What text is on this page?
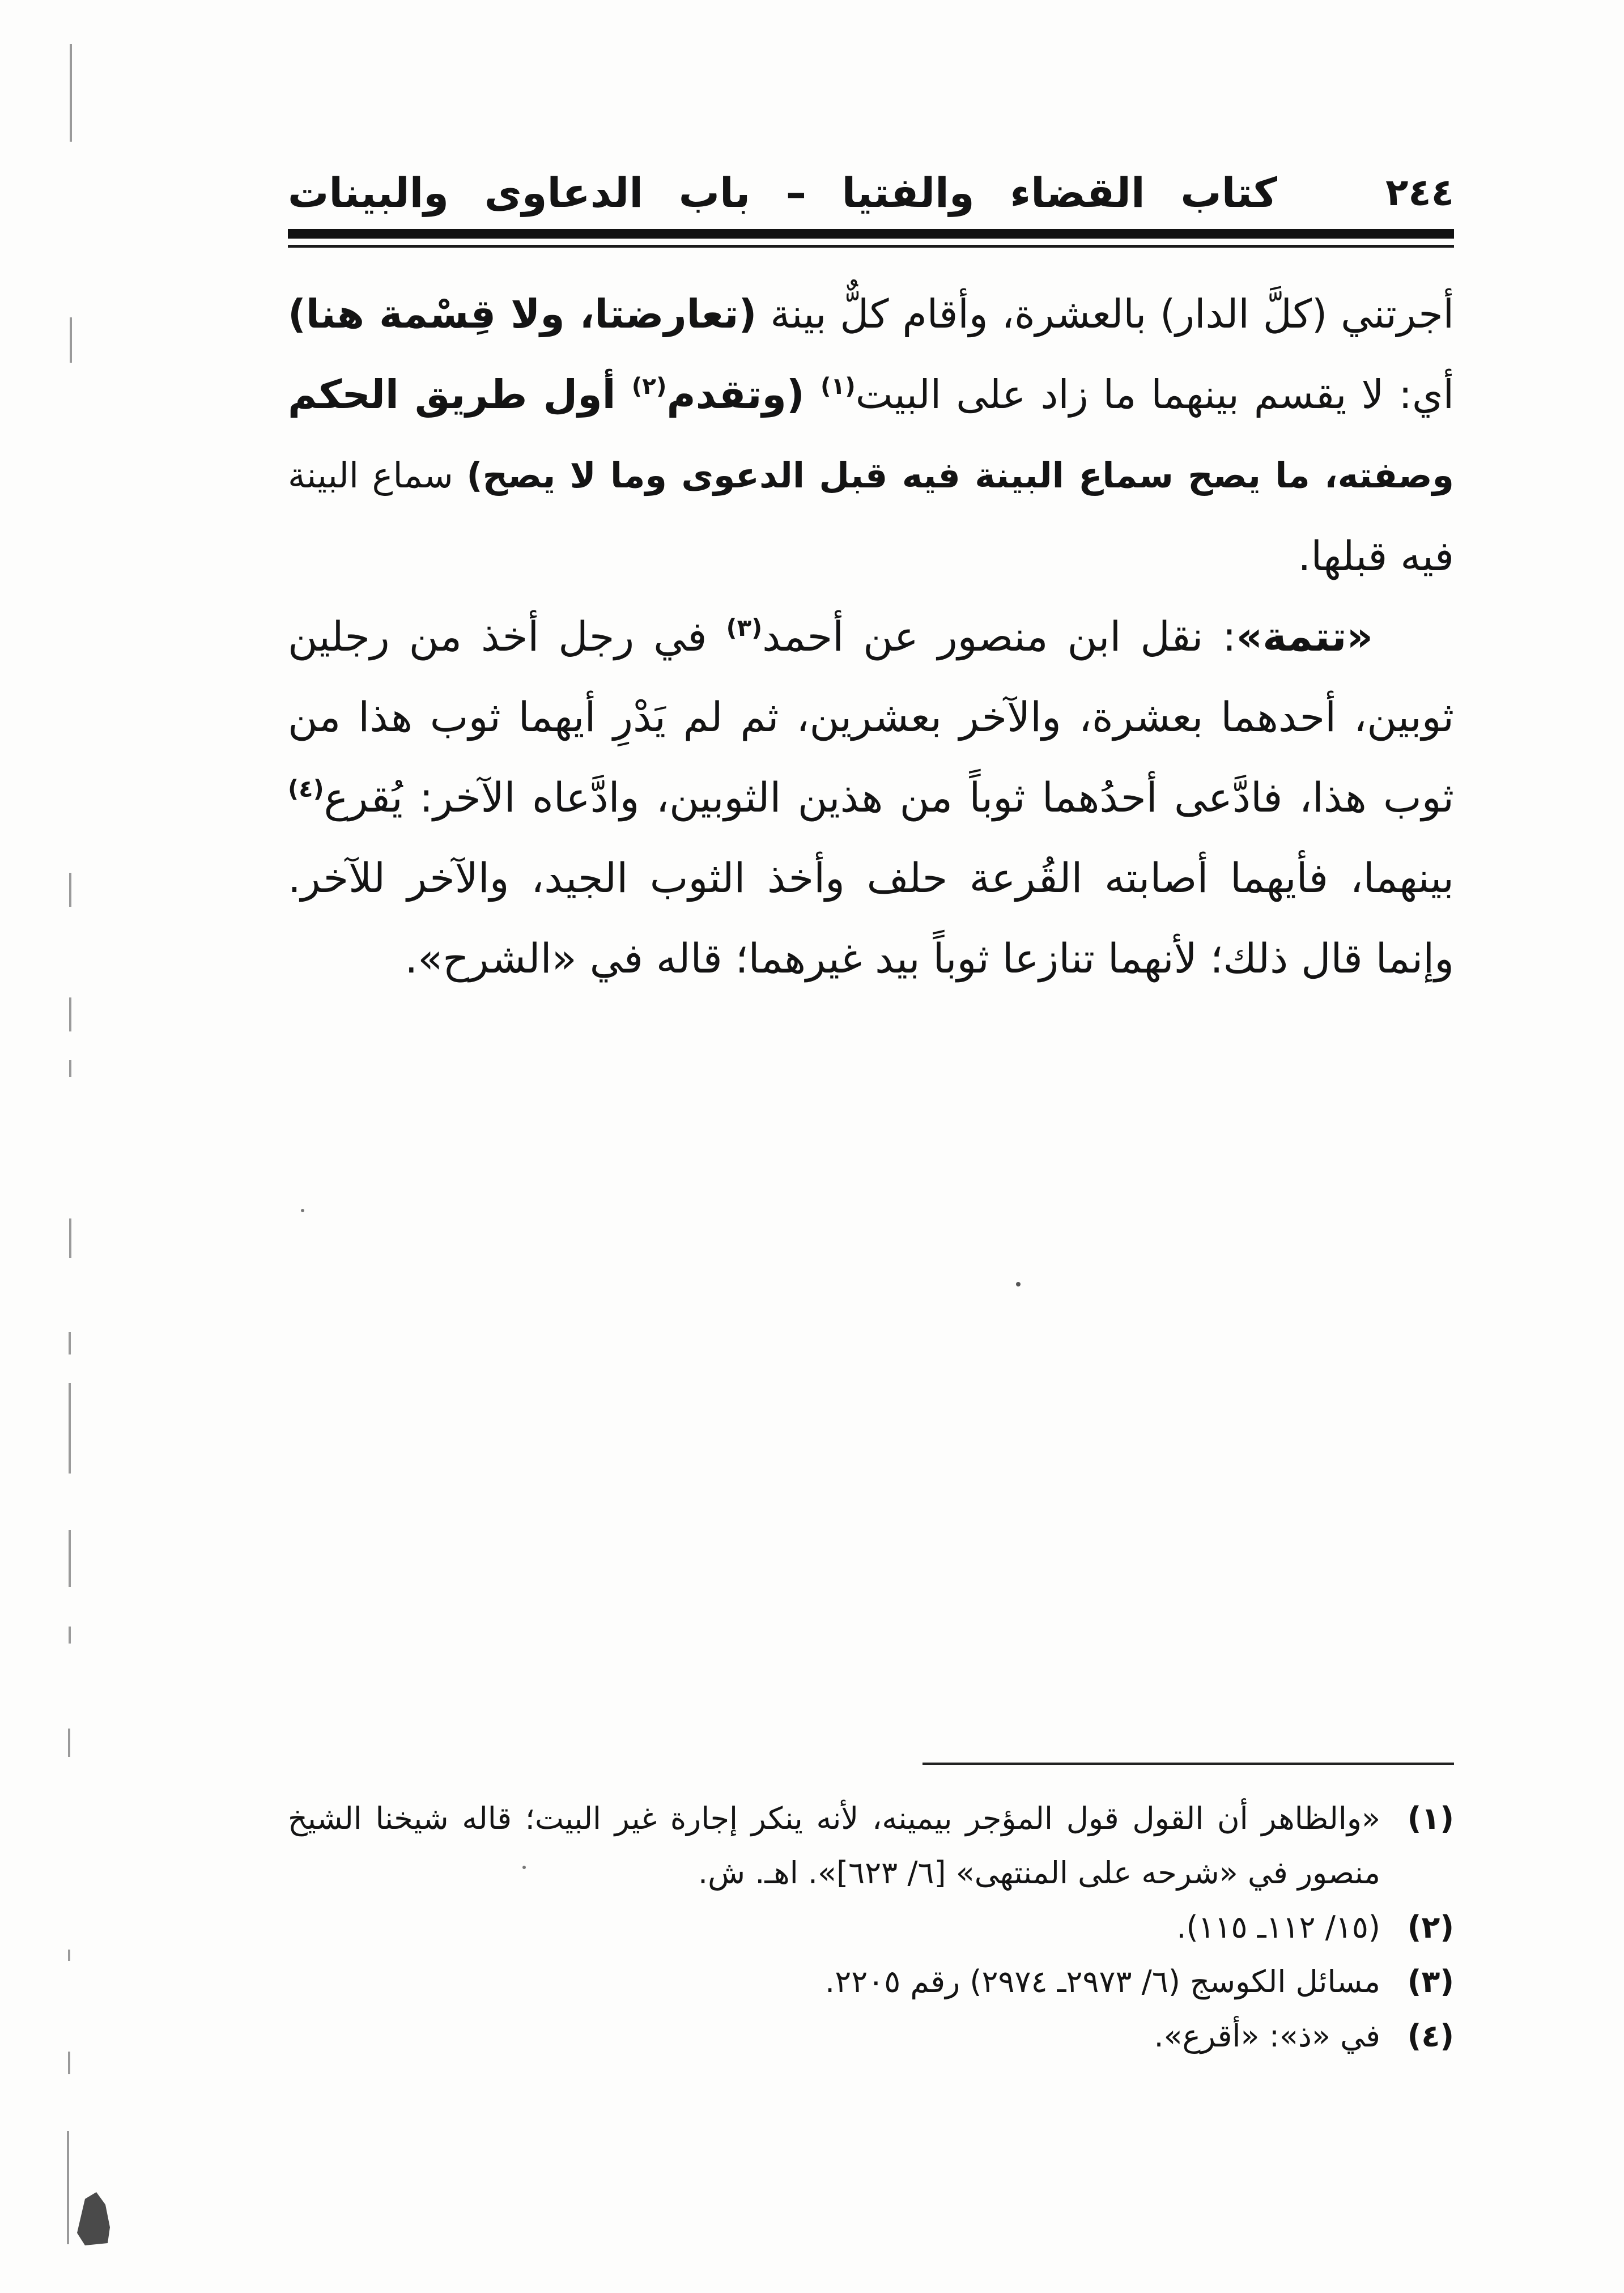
٢٤٤
كتاب القضاء والفتيا – باب الدعاوى والبينات
أجرتني (كلَّ الدار) بالعشرة، وأقام كلٌّ بينة (تعارضتا، ولا قِسْمة هنا)
أي: لا يقسم بينهما ما زاد على البيت$^{(١)}$ (وتقدم$^{(٢)}$ أول طريق الحكم
وصفته، ما يصح سماع البينة فيه قبل الدعوى وما لا يصح) سماع البينة
فيه قبلها.
«تتمة»: نقل ابن منصور عن أحمد$^{(٣)}$ في رجل أخذ من رجلين
ثوبين، أحدهما بعشرة، والآخر بعشرين، ثم لم يَدْرِ أيهما ثوب هذا من
ثوب هذا، فادَّعى أحدُهما ثوباً من هذين الثوبين، وادَّعاه الآخر: يُقرع$^{(٤)}$
بينهما، فأيهما أصابته القُرعة حلف وأخذ الثوب الجيد، والآخر للآخر.
وإنما قال ذلك؛ لأنهما تنازعا ثوباً بيد غيرهما؛ قاله في «الشرح».
(١)
«والظاهر أن القول قول المؤجر بيمينه، لأنه ينكر إجارة غير البيت؛ قاله شيخنا الشيخ
منصور في «شرحه على المنتهى» [٦/ ٦٢٣]». اهـ. ش.
(٢)
(١٥/ ١١٢ـ ١١٥).
(٣)
مسائل الكوسج (٦/ ٢٩٧٣ـ ٢٩٧٤) رقم ٢٢٠٥.
(٤)
في «ذ»: «أقرع».
